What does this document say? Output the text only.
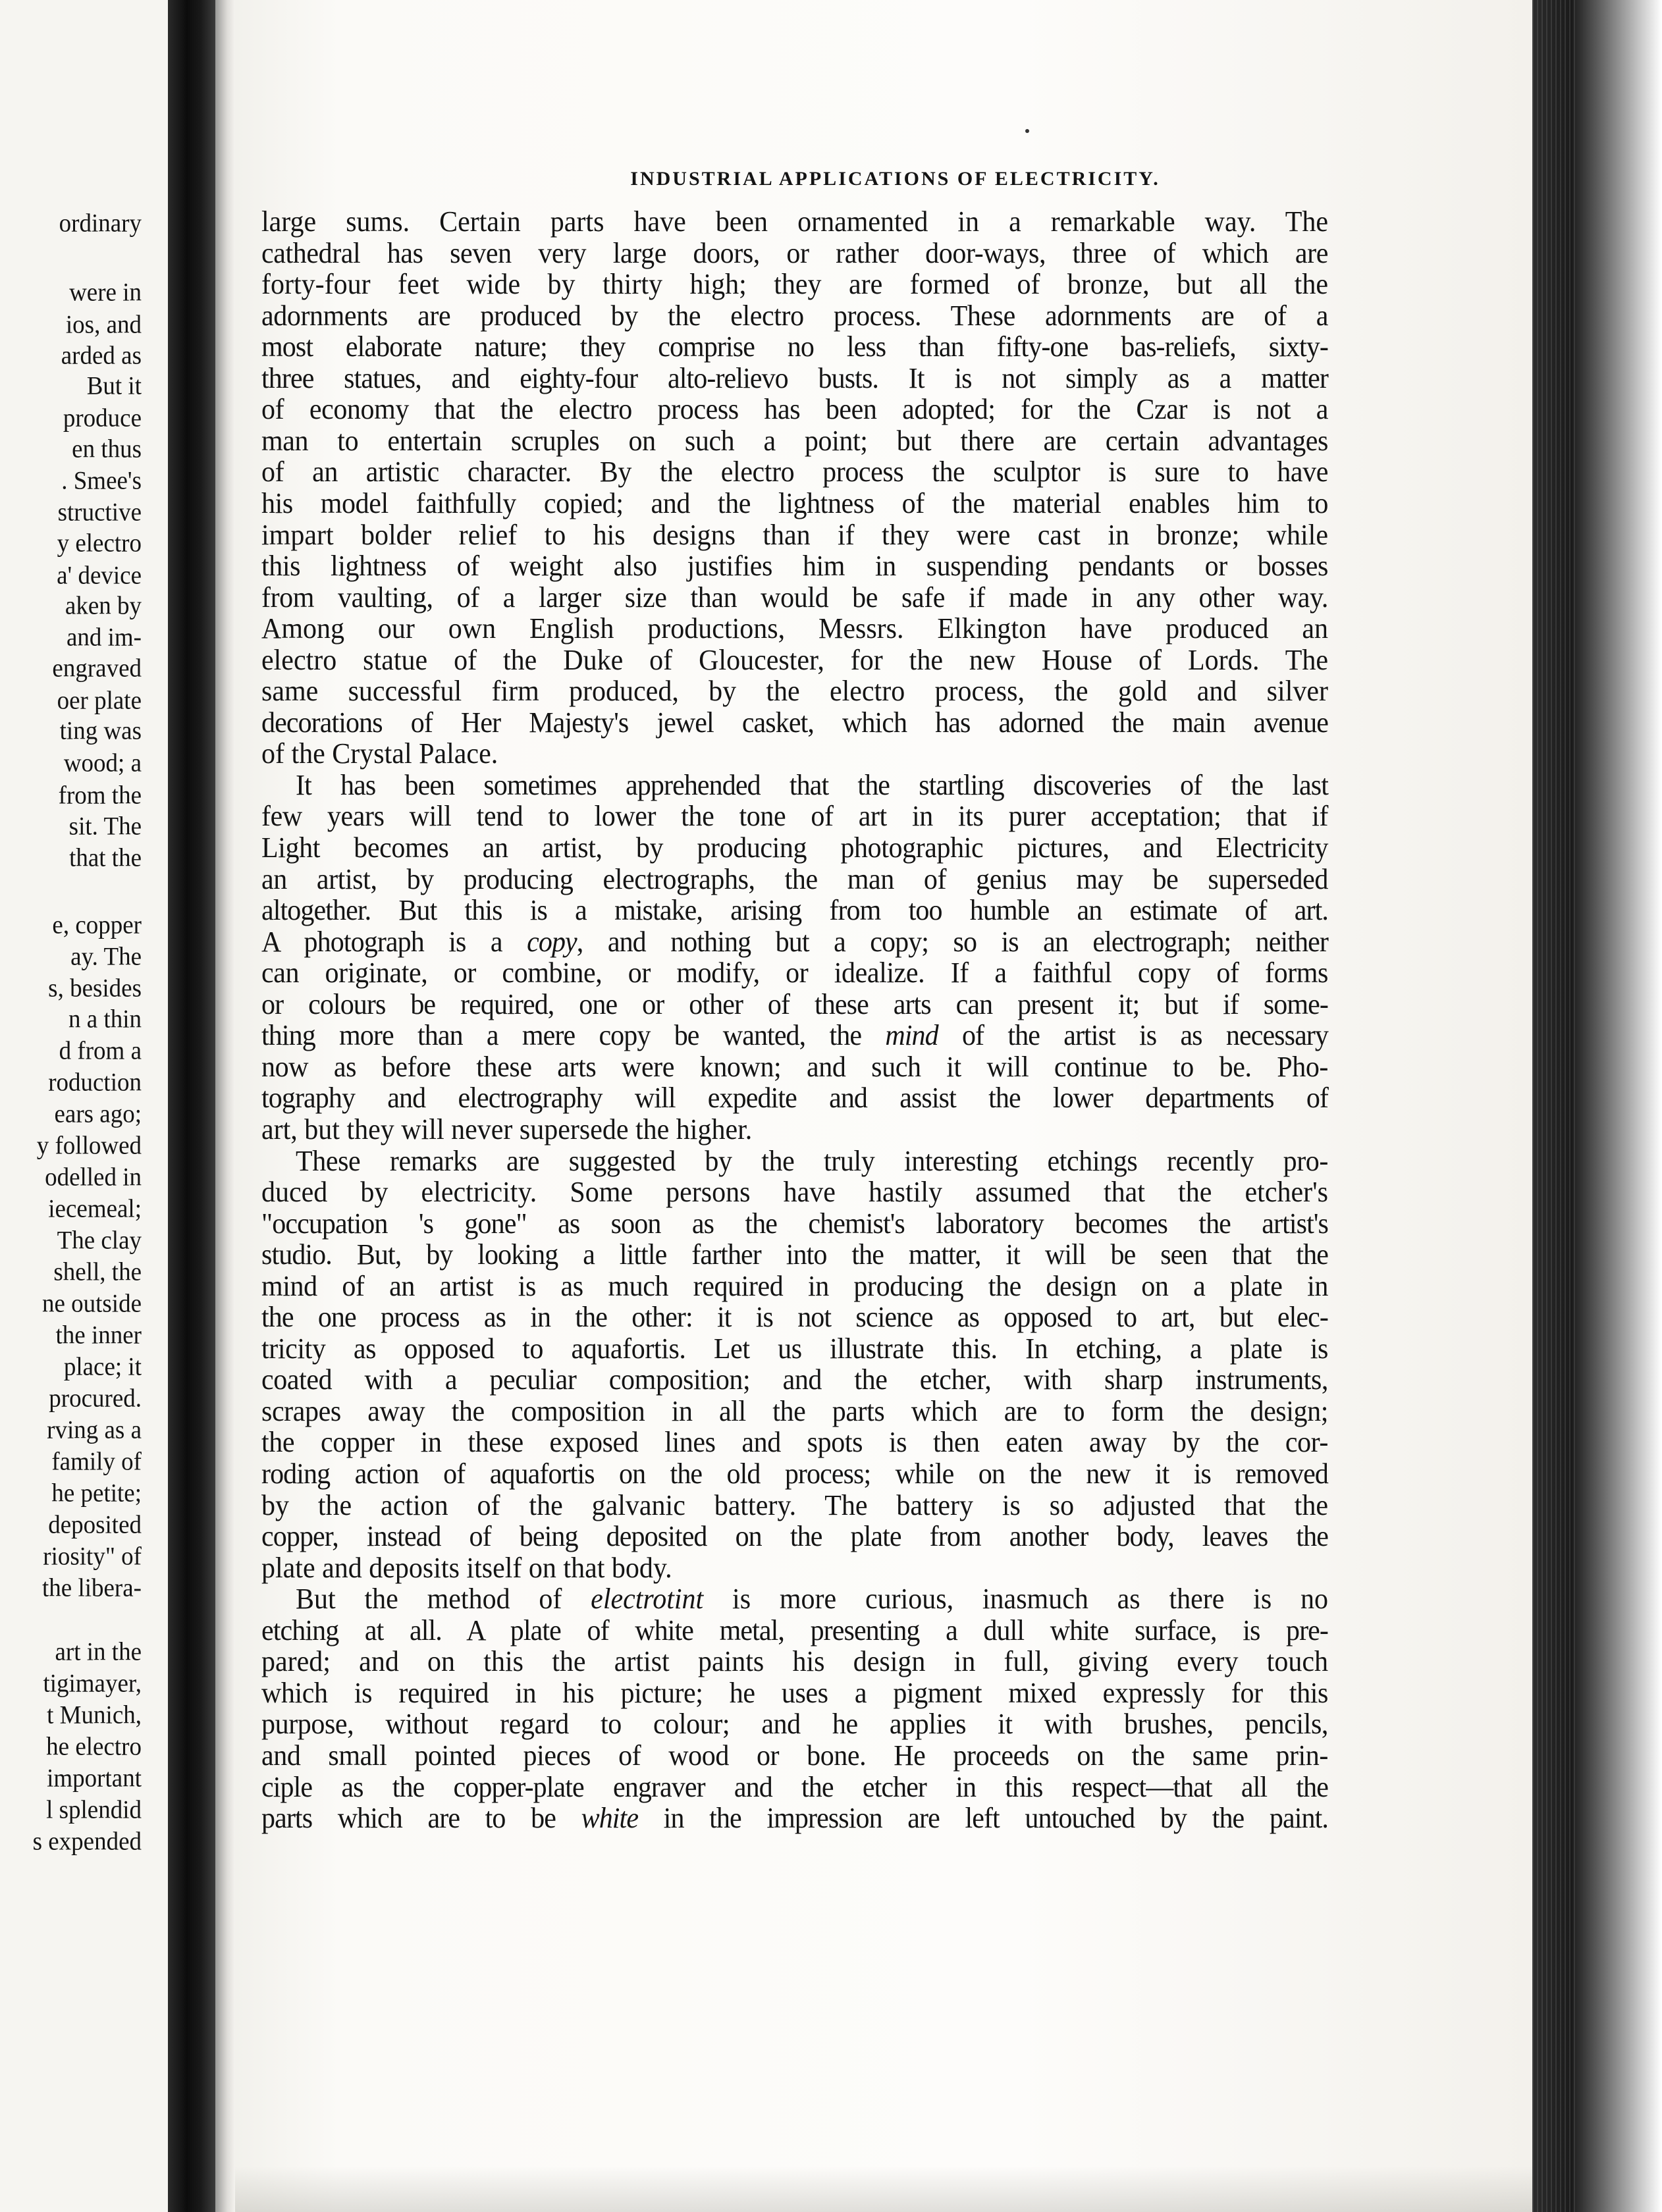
ordinary
were in
ios, and
arded as
But it
produce
en thus
. Smee's
structive
y electro
a' device
aken by
and im-
engraved
oer plate
ting was
wood; a
from the
sit. The
that the
e, copper
ay. The
s, besides
n a thin
d from a
roduction
ears ago;
y followed
odelled in
iecemeal;
The clay
shell, the
ne outside
the inner
place; it
procured.
rving as a
family of
he petite;
deposited
riosity" of
the libera-
art in the
tigimayer,
t Munich,
he electro
important
l splendid
s expended
INDUSTRIAL APPLICATIONS OF ELECTRICITY.
large sums. Certain parts have been ornamented in a remarkable way. The
cathedral has seven very large doors, or rather door-ways, three of which are
forty-four feet wide by thirty high; they are formed of bronze, but all the
adornments are produced by the electro process. These adornments are of a
most elaborate nature; they comprise no less than fifty-one bas-reliefs, sixty-
three statues, and eighty-four alto-relievo busts. It is not simply as a matter
of economy that the electro process has been adopted; for the Czar is not a
man to entertain scruples on such a point; but there are certain advantages
of an artistic character. By the electro process the sculptor is sure to have
his model faithfully copied; and the lightness of the material enables him to
impart bolder relief to his designs than if they were cast in bronze; while
this lightness of weight also justifies him in suspending pendants or bosses
from vaulting, of a larger size than would be safe if made in any other way.
Among our own English productions, Messrs. Elkington have produced an
electro statue of the Duke of Gloucester, for the new House of Lords. The
same successful firm produced, by the electro process, the gold and silver
decorations of Her Majesty's jewel casket, which has adorned the main avenue
of the Crystal Palace.
It has been sometimes apprehended that the startling discoveries of the last
few years will tend to lower the tone of art in its purer acceptation; that if
Light becomes an artist, by producing photographic pictures, and Electricity
an artist, by producing electrographs, the man of genius may be superseded
altogether. But this is a mistake, arising from too humble an estimate of art.
A photograph is a copy, and nothing but a copy; so is an electrograph; neither
can originate, or combine, or modify, or idealize. If a faithful copy of forms
or colours be required, one or other of these arts can present it; but if some-
thing more than a mere copy be wanted, the mind of the artist is as necessary
now as before these arts were known; and such it will continue to be. Pho-
tography and electrography will expedite and assist the lower departments of
art, but they will never supersede the higher.
These remarks are suggested by the truly interesting etchings recently pro-
duced by electricity. Some persons have hastily assumed that the etcher's
"occupation 's gone" as soon as the chemist's laboratory becomes the artist's
studio. But, by looking a little farther into the matter, it will be seen that the
mind of an artist is as much required in producing the design on a plate in
the one process as in the other: it is not science as opposed to art, but elec-
tricity as opposed to aquafortis. Let us illustrate this. In etching, a plate is
coated with a peculiar composition; and the etcher, with sharp instruments,
scrapes away the composition in all the parts which are to form the design;
the copper in these exposed lines and spots is then eaten away by the cor-
roding action of aquafortis on the old process; while on the new it is removed
by the action of the galvanic battery. The battery is so adjusted that the
copper, instead of being deposited on the plate from another body, leaves the
plate and deposits itself on that body.
But the method of electrotint is more curious, inasmuch as there is no
etching at all. A plate of white metal, presenting a dull white surface, is pre-
pared; and on this the artist paints his design in full, giving every touch
which is required in his picture; he uses a pigment mixed expressly for this
purpose, without regard to colour; and he applies it with brushes, pencils,
and small pointed pieces of wood or bone. He proceeds on the same prin-
ciple as the copper-plate engraver and the etcher in this respect—that all the
parts which are to be white in the impression are left untouched by the paint.
